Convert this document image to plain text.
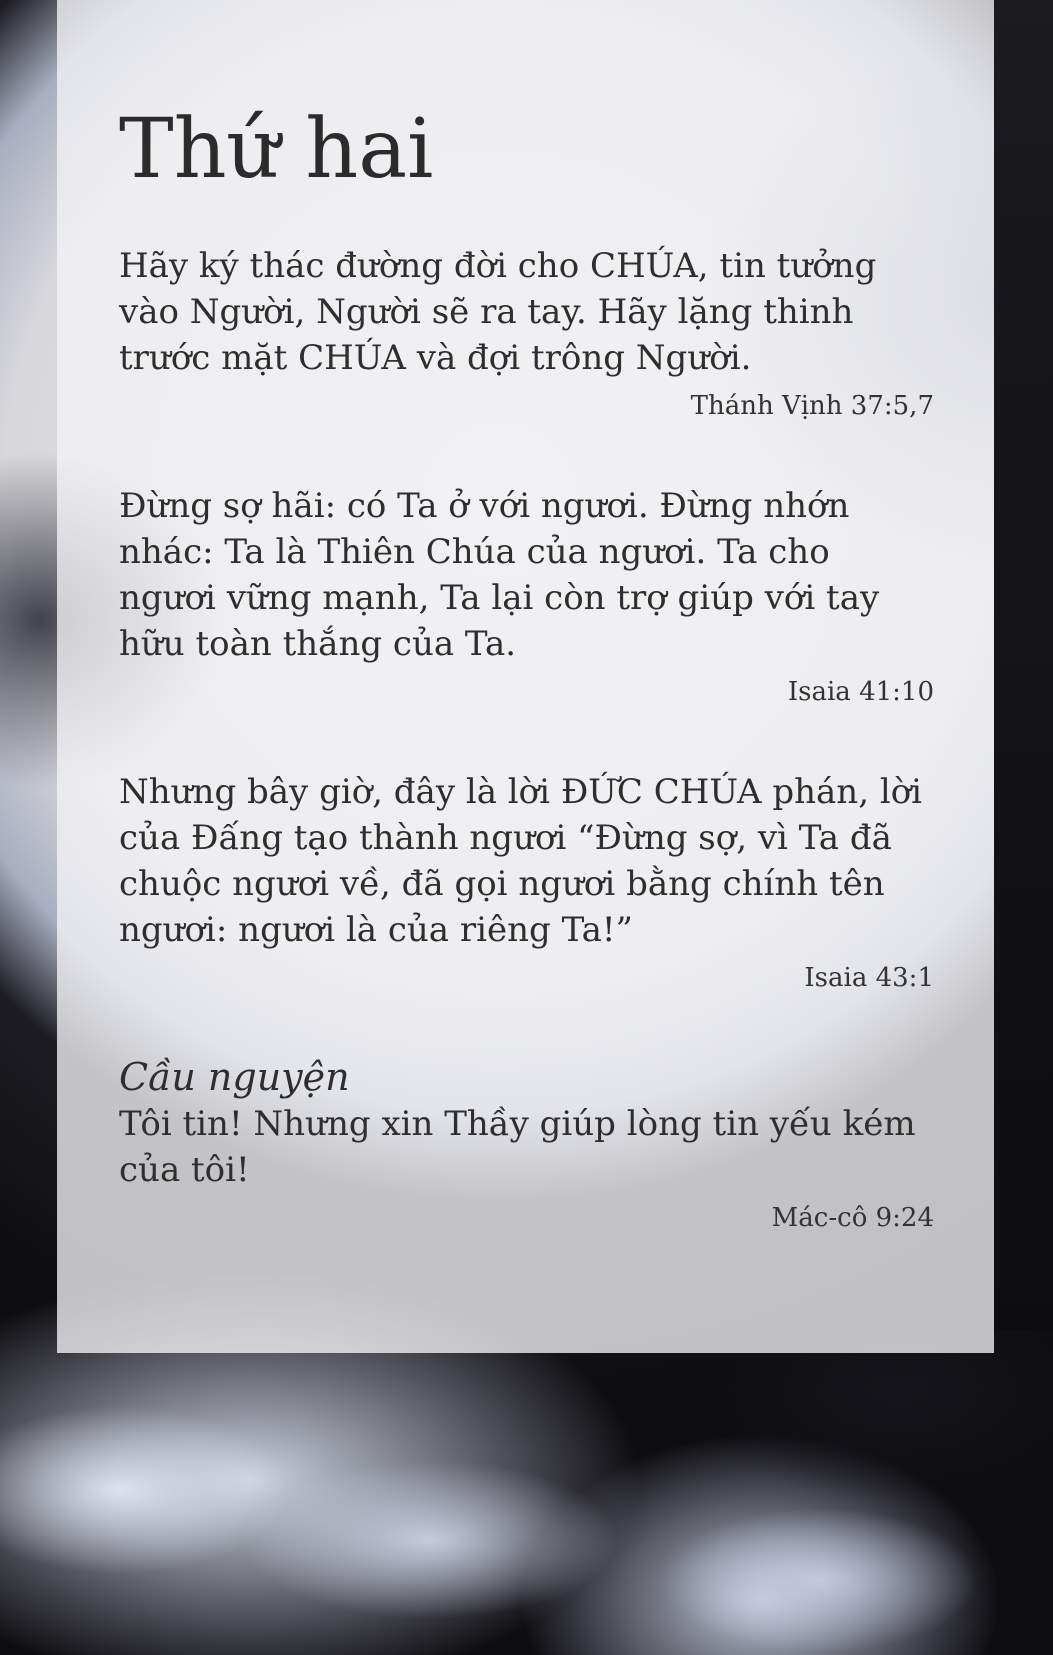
Thứ hai

Hãy ký thác đường đời cho CHÚA, tin tưởng vào Người, Người sẽ ra tay. Hãy lặng thinh trước mặt CHÚA và đợi trông Người.

Thánh Vịnh 37:5,7

Đừng sợ hãi: có Ta ở với ngươi. Đừng nhớn nhác: Ta là Thiên Chúa của ngươi. Ta cho ngươi vững mạnh, Ta lại còn trợ giúp với tay hữu toàn thắng của Ta.

Isaia 41:10

Nhưng bây giờ, đây là lời ĐỨC CHÚA phán, lời của Đấng tạo thành ngươi “Đừng sợ, vì Ta đã chuộc ngươi về, đã gọi ngươi bằng chính tên ngươi: ngươi là của riêng Ta!”

Isaia 43:1

Cầu nguyện

Tôi tin! Nhưng xin Thầy giúp lòng tin yếu kém của tôi!

Mác-cô 9:24
